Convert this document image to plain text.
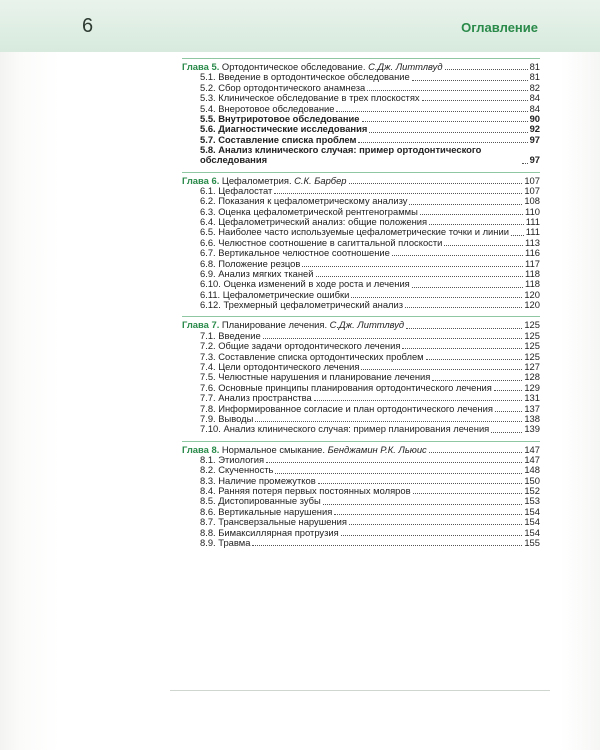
6	Оглавление
Глава 5. Ортодонтическое обследование. С.Дж. Литтлвуд	81
5.1. Введение в ортодонтическое обследование	81
5.2. Сбор ортодонтического анамнеза	82
5.3. Клиническое обследование в трех плоскостях	84
5.4. Внеротовое обследование	84
5.5. Внутриротовое обследование	90
5.6. Диагностические исследования	92
5.7. Составление списка проблем	97
5.8. Анализ клинического случая: пример ортодонтического обследования	97
Глава 6. Цефалометрия. С.К. Барбер	107
6.1. Цефалостат	107
6.2. Показания к цефалометрическому анализу	108
6.3. Оценка цефалометрической рентгенограммы	110
6.4. Цефалометрический анализ: общие положения	111
6.5. Наиболее часто используемые цефалометрические точки и линии 111
6.6. Челюстное соотношение в сагиттальной плоскости	113
6.7. Вертикальное челюстное соотношение	116
6.8. Положение резцов	117
6.9. Анализ мягких тканей	118
6.10. Оценка изменений в ходе роста и лечения	118
6.11. Цефалометрические ошибки	120
6.12. Трехмерный цефалометрический анализ	120
Глава 7. Планирование лечения. С.Дж. Литтлвуд	125
7.1. Введение	125
7.2. Общие задачи ортодонтического лечения	125
7.3. Составление списка ортодонтических проблем	125
7.4. Цели ортодонтического лечения	127
7.5. Челюстные нарушения и планирование лечения	128
7.6. Основные принципы планирования ортодонтического лечения	129
7.7. Анализ пространства	131
7.8. Информированное согласие и план ортодонтического лечения	137
7.9. Выводы	138
7.10. Анализ клинического случая: пример планирования лечения	139
Глава 8. Нормальное смыкание. Бенджамин Р.К. Льюис	147
8.1. Этиология	147
8.2. Скученность	148
8.3. Наличие промежутков	150
8.4. Ранняя потеря первых постоянных моляров	152
8.5. Дистопированные зубы	153
8.6. Вертикальные нарушения	154
8.7. Трансверзальные нарушения	154
8.8. Бимаксиллярная протрузия	154
8.9. Травма	155
